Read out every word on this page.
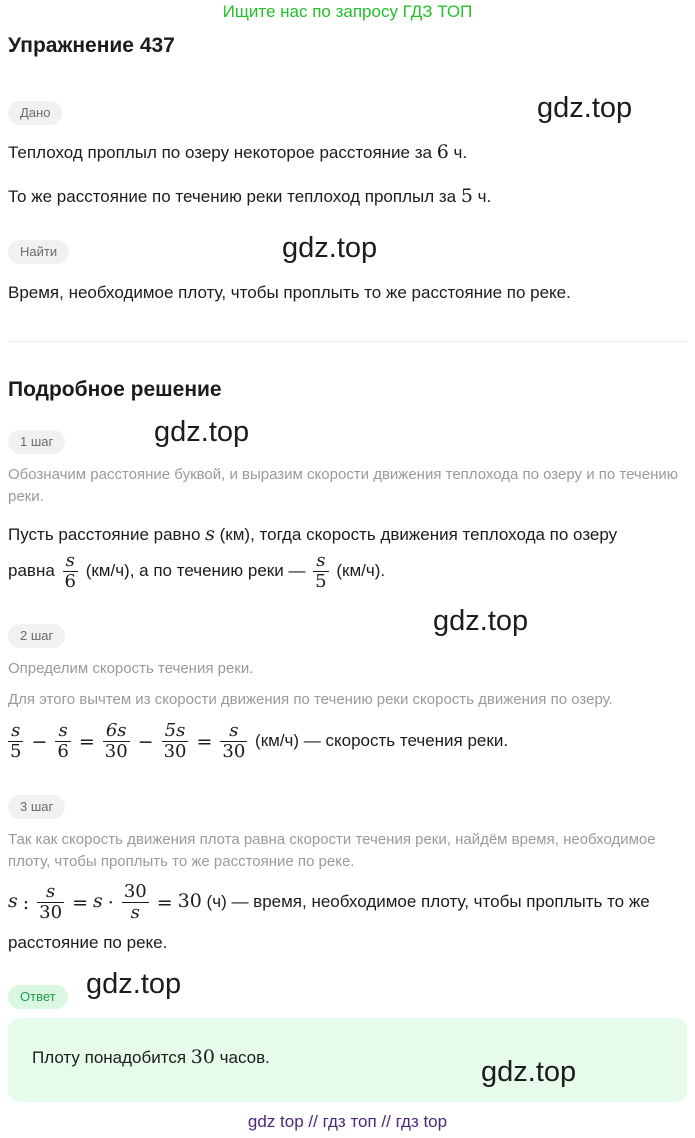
Ищите нас по запросу ГДЗ ТОП
Упражнение 437
Дано	gdz.top
Теплоход проплыл по озеру некоторое расстояние за 6 ч.
То же расстояние по течению реки теплоход проплыл за 5 ч.
Найти	gdz.top
Время, необходимое плоту, чтобы проплыть то же расстояние по реке.
Подробное решение
1 шаг	gdz.top
Обозначим расстояние буквой, и выразим скорости движения теплохода по озеру и по течению реки.
Пусть расстояние равно s (км), тогда скорость движения теплохода по озеру
равна $\frac{s}{6} (км/ч)$, а по течению реки — $\frac{s}{5} (км/ч)$.
2 шаг	gdz.top
Определим скорость течения реки.
Для этого вычтем из скорости движения по течению реки скорость движения по озеру.
$\frac{s}{5} - \frac{s}{6} = \frac{6s}{30} - \frac{5s}{30} = \frac{s}{30} (км/ч)$ — скорость течения реки.
3 шаг
Так как скорость движения плота равна скорости течения реки, найдём время, необходимое плоту, чтобы проплыть то же расстояние по реке.
s : $\frac{s}{30} = s \cdot \frac{30}{s} = 30$ (ч) — время, необходимое плоту, чтобы проплыть то же
расстояние по реке.
Ответ	gdz.top
Плоту понадобится 30 часов.	gdz.top
gdz top // гдз топ // гдз top
